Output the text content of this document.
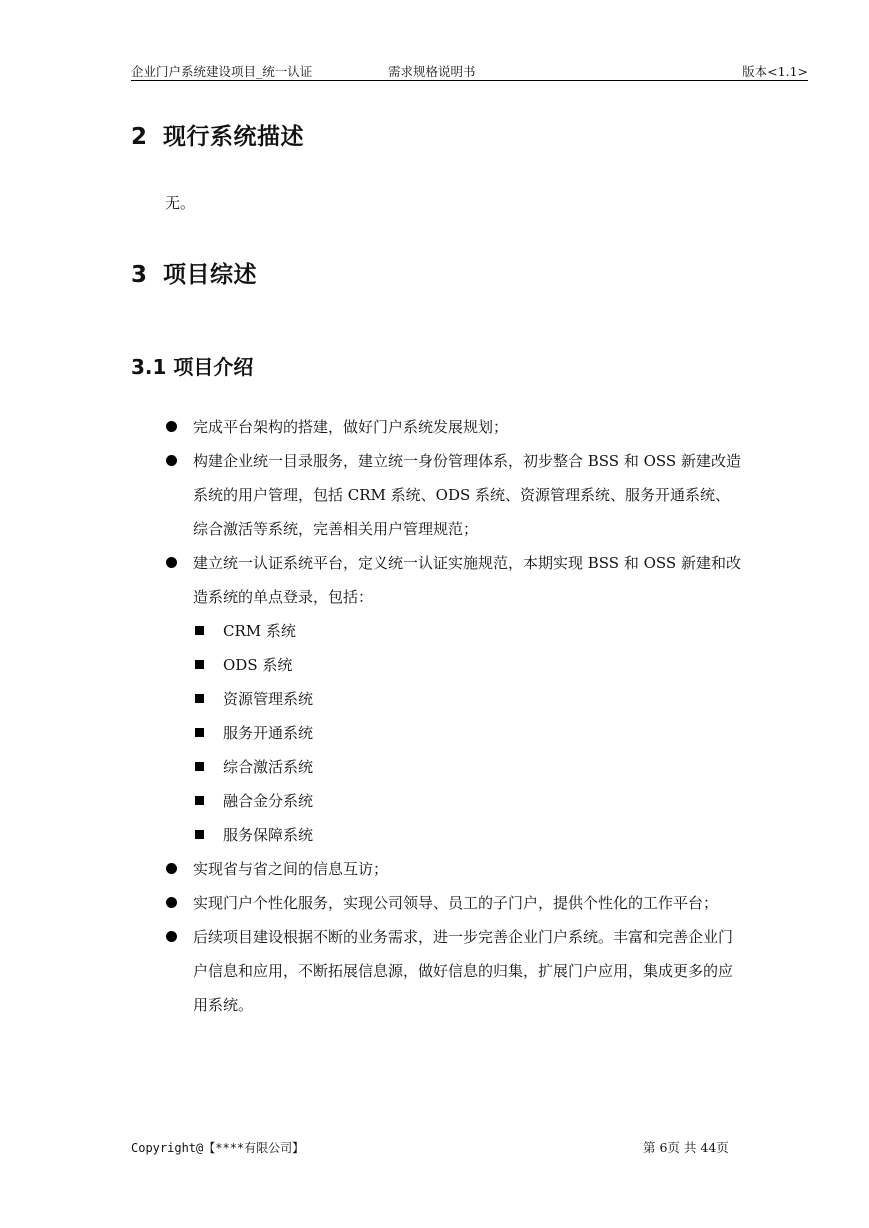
企业门户系统建设项目_统一认证	需求规格说明书	版本<1.1>
2 现行系统描述
无。
3 项目综述
3.1 项目介绍
完成平台架构的搭建，做好门户系统发展规划；
构建企业统一目录服务，建立统一身份管理体系，初步整合 BSS 和 OSS 新建改造系统的用户管理，包括 CRM 系统、ODS 系统、资源管理系统、服务开通系统、综合激活等系统，完善相关用户管理规范；
建立统一认证系统平台，定义统一认证实施规范，本期实现 BSS 和 OSS 新建和改造系统的单点登录，包括：
CRM 系统
ODS 系统
资源管理系统
服务开通系统
综合激活系统
融合金分系统
服务保障系统
实现省与省之间的信息互访；
实现门户个性化服务，实现公司领导、员工的子门户，提供个性化的工作平台；
后续项目建设根据不断的业务需求，进一步完善企业门户系统。丰富和完善企业门户信息和应用，不断拓展信息源，做好信息的归集，扩展门户应用，集成更多的应用系统。
Copyright@【****有限公司】	第 6页 共 44页
